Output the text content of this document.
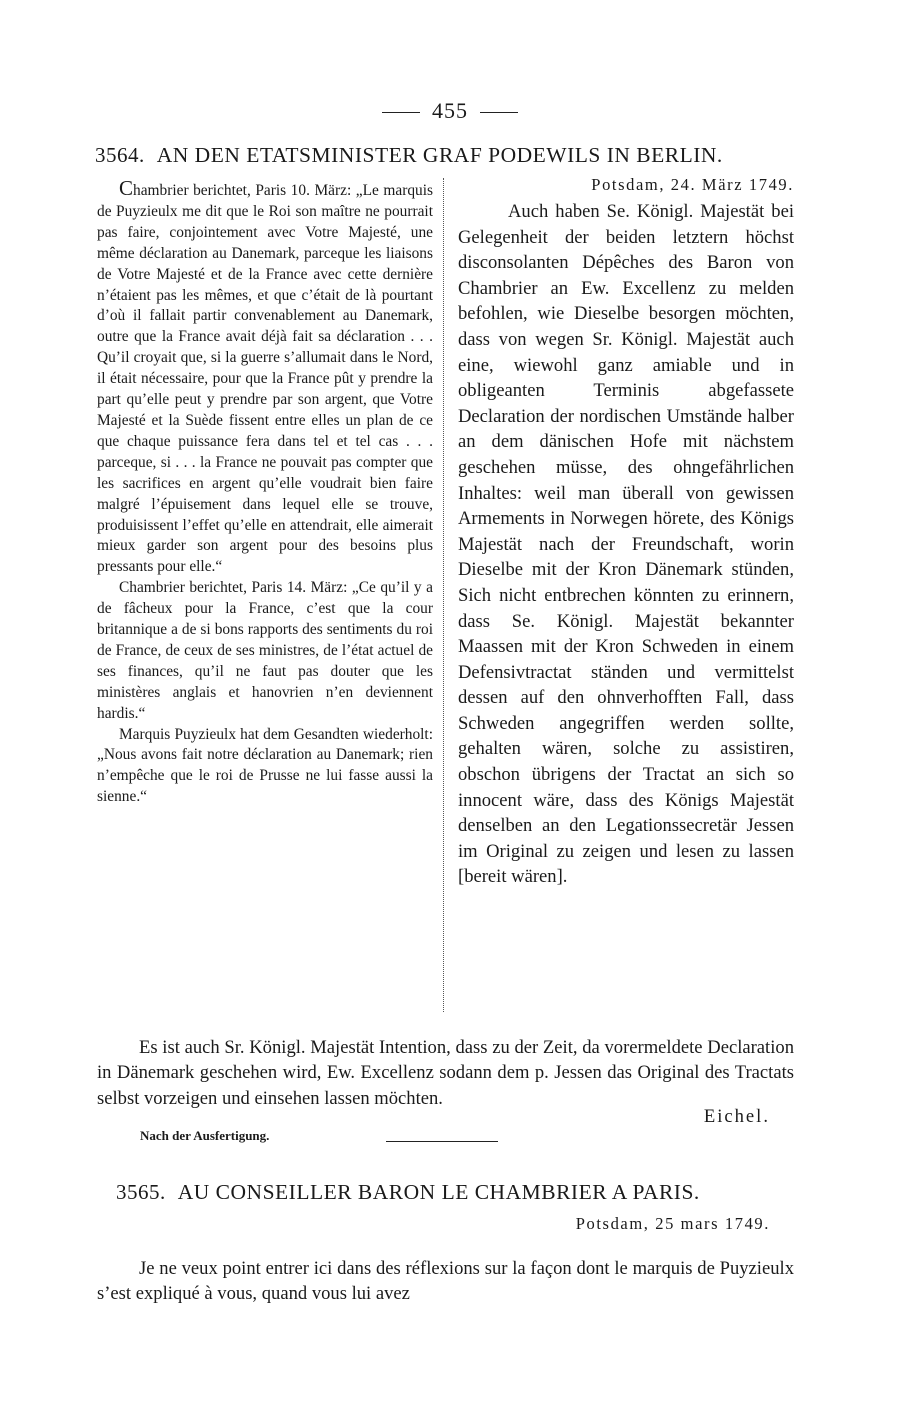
455
3564. AN DEN ETATSMINISTER GRAF PODEWILS IN BERLIN.

Chambrier berichtet, Paris 10. März: „Le marquis de Puyzieulx me dit que le Roi son maître ne pourrait pas faire, conjointement avec Votre Majesté, une même déclaration au Danemark, parceque les liaisons de Votre Majesté et de la France avec cette dernière n’étaient pas les mêmes, et que c’était de là pourtant d’où il fallait partir convenablement au Danemark, outre que la France avait déjà fait sa déclaration . . . Qu’il croyait que, si la guerre s’allumait dans le Nord, il était nécessaire, pour que la France pût y prendre la part qu’elle peut y prendre par son argent, que Votre Majesté et la Suède fissent entre elles un plan de ce que chaque puissance fera dans tel et tel cas . . . parceque, si . . . la France ne pouvait pas compter que les sacrifices en argent qu’elle voudrait bien faire malgré l’épuisement dans lequel elle se trouve, produisissent l’effet qu’elle en attendrait, elle aimerait mieux garder son argent pour des besoins plus pressants pour elle.“

Chambrier berichtet, Paris 14. März: „Ce qu’il y a de fâcheux pour la France, c’est que la cour britannique a de si bons rapports des sentiments du roi de France, de ceux de ses ministres, de l’état actuel de ses finances, qu’il ne faut pas douter que les ministères anglais et hanovrien n’en deviennent hardis.“

Marquis Puyzieulx hat dem Gesandten wiederholt: „Nous avons fait notre déclaration au Danemark; rien n’empêche que le roi de Prusse ne lui fasse aussi la sienne.“

Potsdam, 24. März 1749.

Auch haben Se. Königl. Majestät bei Gelegenheit der beiden letztern höchst disconsolanten Dépêches des Baron von Chambrier an Ew. Excellenz zu melden befohlen, wie Dieselbe besorgen möchten, dass von wegen Sr. Königl. Majestät auch eine, wiewohl ganz amiable und in obligeanten Terminis abgefassete Declaration der nordischen Umstände halber an dem dänischen Hofe mit nächstem geschehen müsse, des ohngefährlichen Inhaltes: weil man überall von gewissen Armements in Norwegen hörete, des Königs Majestät nach der Freundschaft, worin Dieselbe mit der Kron Dänemark stünden, Sich nicht entbrechen könnten zu erinnern, dass Se. Königl. Majestät bekannter Maassen mit der Kron Schweden in einem Defensivtractat ständen und vermittelst dessen auf den ohnverhofften Fall, dass Schweden angegriffen werden sollte, gehalten wären, solche zu assistiren, obschon übrigens der Tractat an sich so innocent wäre, dass des Königs Majestät denselben an den Legationssecretär Jessen im Original zu zeigen und lesen zu lassen [bereit wären].

Es ist auch Sr. Königl. Majestät Intention, dass zu der Zeit, da vorermeldete Declaration in Dänemark geschehen wird, Ew. Excellenz sodann dem p. Jessen das Original des Tractats selbst vorzeigen und einsehen lassen möchten.

Eichel.
Nach der Ausfertigung.
3565. AU CONSEILLER BARON LE CHAMBRIER A PARIS.
Potsdam, 25 mars 1749.

Je ne veux point entrer ici dans des réflexions sur la façon dont le marquis de Puyzieulx s’est expliqué à vous, quand vous lui avez
